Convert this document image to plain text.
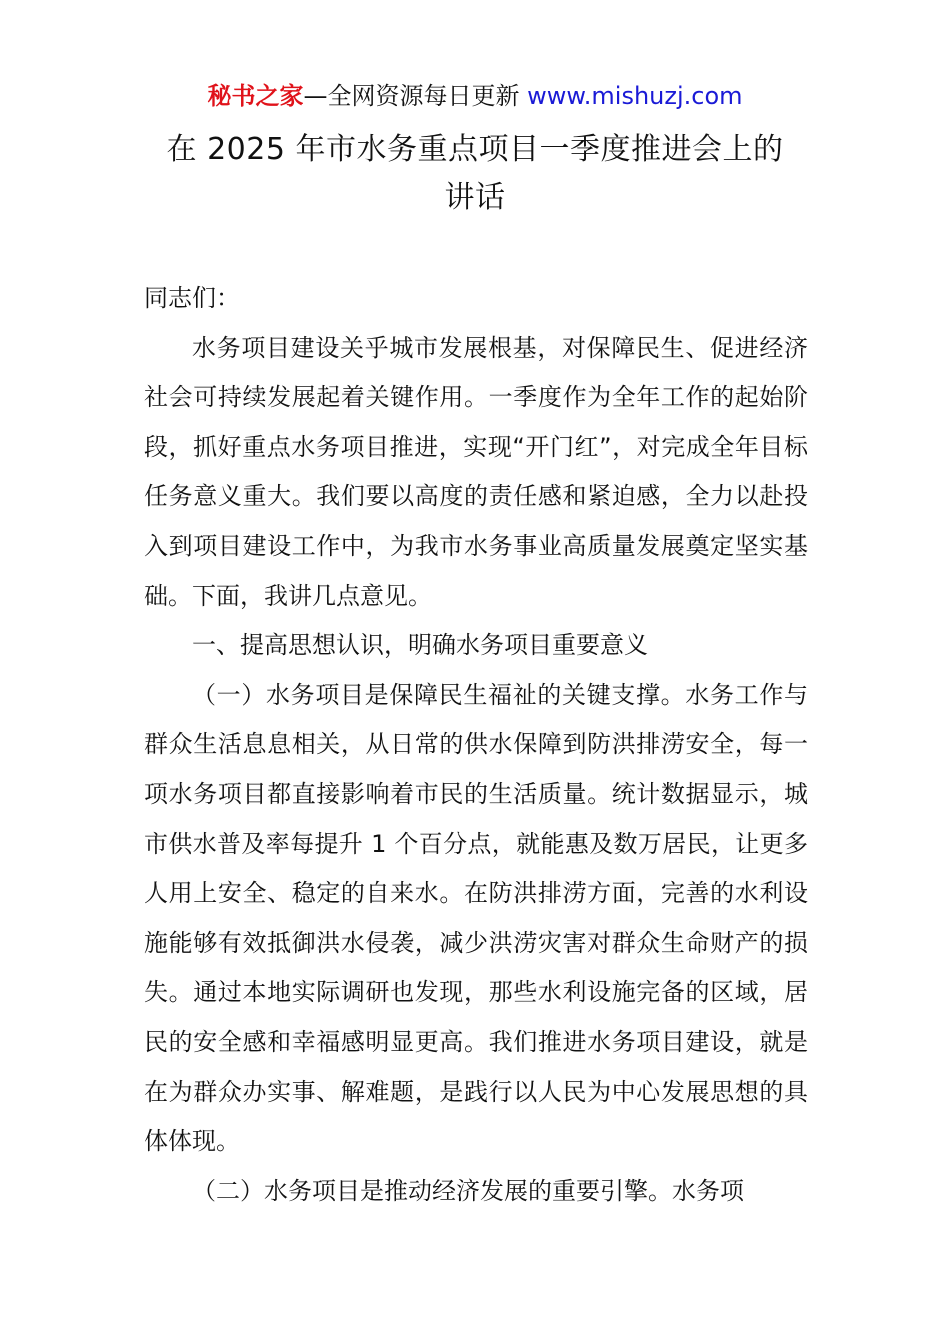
秘书之家—全网资源每日更新 www.mishuzj.com
在 2025 年市水务重点项目一季度推进会上的
讲话

同志们：

水务项目建设关乎城市发展根基，对保障民生、促进经济社会可持续发展起着关键作用。一季度作为全年工作的起始阶段，抓好重点水务项目推进，实现“开门红”，对完成全年目标任务意义重大。我们要以高度的责任感和紧迫感，全力以赴投入到项目建设工作中，为我市水务事业高质量发展奠定坚实基础。下面，我讲几点意见。

一、提高思想认识，明确水务项目重要意义

（一）水务项目是保障民生福祉的关键支撑。水务工作与群众生活息息相关，从日常的供水保障到防洪排涝安全，每一项水务项目都直接影响着市民的生活质量。统计数据显示，城市供水普及率每提升 1 个百分点，就能惠及数万居民，让更多人用上安全、稳定的自来水。在防洪排涝方面，完善的水利设施能够有效抵御洪水侵袭，减少洪涝灾害对群众生命财产的损失。通过本地实际调研也发现，那些水利设施完备的区域，居民的安全感和幸福感明显更高。我们推进水务项目建设，就是在为群众办实事、解难题，是践行以人民为中心发展思想的具体体现。

（二）水务项目是推动经济发展的重要引擎。水务项
